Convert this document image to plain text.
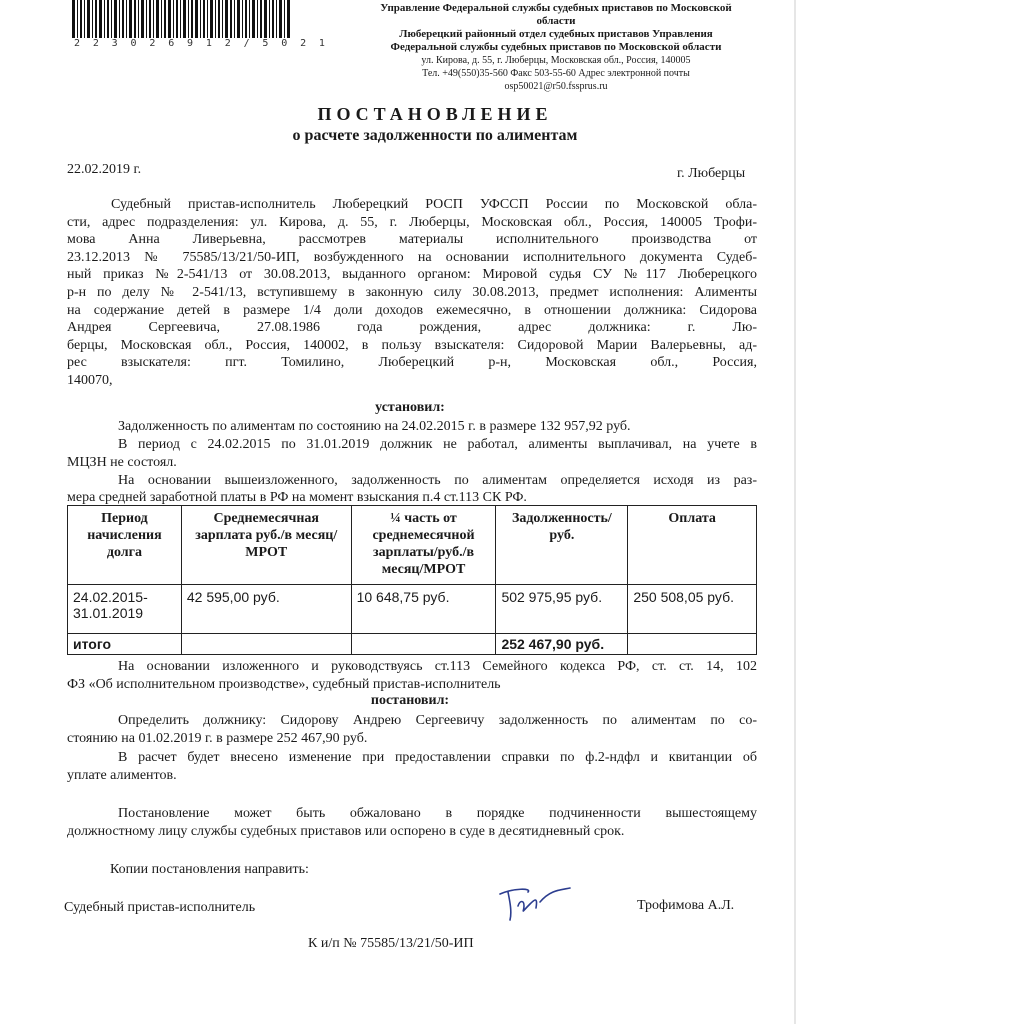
2 2 3 0 2 6 9 1 2 / 5 0 2 1
Управление Федеральной службы судебных приставов по Московской
области
Люберецкий районный отдел судебных приставов Управления
Федеральной службы судебных приставов по Московской области
ул. Кирова, д. 55, г. Люберцы, Московская обл., Россия, 140005
Тел. +49(550)35-560 Факс 503-55-60 Адрес электронной почты
osp50021@r50.fssprus.ru
ПОСТАНОВЛЕНИЕ
о расчете задолженности по алиментам
22.02.2019 г.	г. Люберцы
Судебный пристав-исполнитель Люберецкий РОСП УФССП России по Московской обла-
сти, адрес подразделения: ул. Кирова, д. 55, г. Люберцы, Московская обл., Россия, 140005 Трофи-
мова Анна Ливерьевна, рассмотрев материалы исполнительного производства от
23.12.2013 № 75585/13/21/50-ИП, возбужденного на основании исполнительного документа Судеб-
ный приказ №2-541/13 от 30.08.2013, выданного органом: Мировой судья СУ №117 Люберецкого
р-н по делу № 2-541/13, вступившему в законную силу 30.08.2013, предмет исполнения: Алименты
на содержание детей в размере 1/4 доли доходов ежемесячно, в отношении должника: Сидорова
Андрея Сергеевича, 27.08.1986 года рождения, адрес должника: г. Лю-
берцы, Московская обл., Россия, 140002, в пользу взыскателя: Сидоровой Марии Валерьевны, ад-
рес взыскателя: пгт. Томилино, Люберецкий р-н, Московская обл., Россия,
140070,
установил:
Задолженность по алиментам по состоянию на 24.02.2015 г. в размере 132 957,92 руб.
В период с 24.02.2015 по 31.01.2019 должник не работал, алименты выплачивал, на учете в
МЦЗН не состоял.
На основании вышеизложенного, задолженность по алиментам определяется исходя из раз-
мера средней заработной платы в РФ на момент взыскания п.4 ст.113 СК РФ.
Период начисления долга	Среднемесячная зарплата руб./в месяц/МРОТ	¼ часть от среднемесячной зарплаты/руб./в месяц/МРОТ	Задолженность/ руб.	Оплата
24.02.2015- 31.01.2019	42 595,00 руб.	10 648,75 руб.	502 975,95 руб.	250 508,05 руб.
итого			252 467,90 руб.	
На основании изложенного и руководствуясь ст.113 Семейного кодекса РФ, ст. ст. 14, 102
ФЗ «Об исполнительном производстве», судебный пристав-исполнитель
постановил:
Определить должнику: Сидорову Андрею Сергеевичу задолженность по алиментам по со-
стоянию на 01.02.2019 г. в размере 252 467,90 руб.
В расчет будет внесено изменение при предоставлении справки по ф.2-ндфл и квитанции об
уплате алиментов.
Постановление может быть обжаловано в порядке подчиненности вышестоящему
должностному лицу службы судебных приставов или оспорено в суде в десятидневный срок.
Копии постановления направить:
Судебный пристав-исполнитель	Трофимова А.Л.
К и/п № 75585/13/21/50-ИП
